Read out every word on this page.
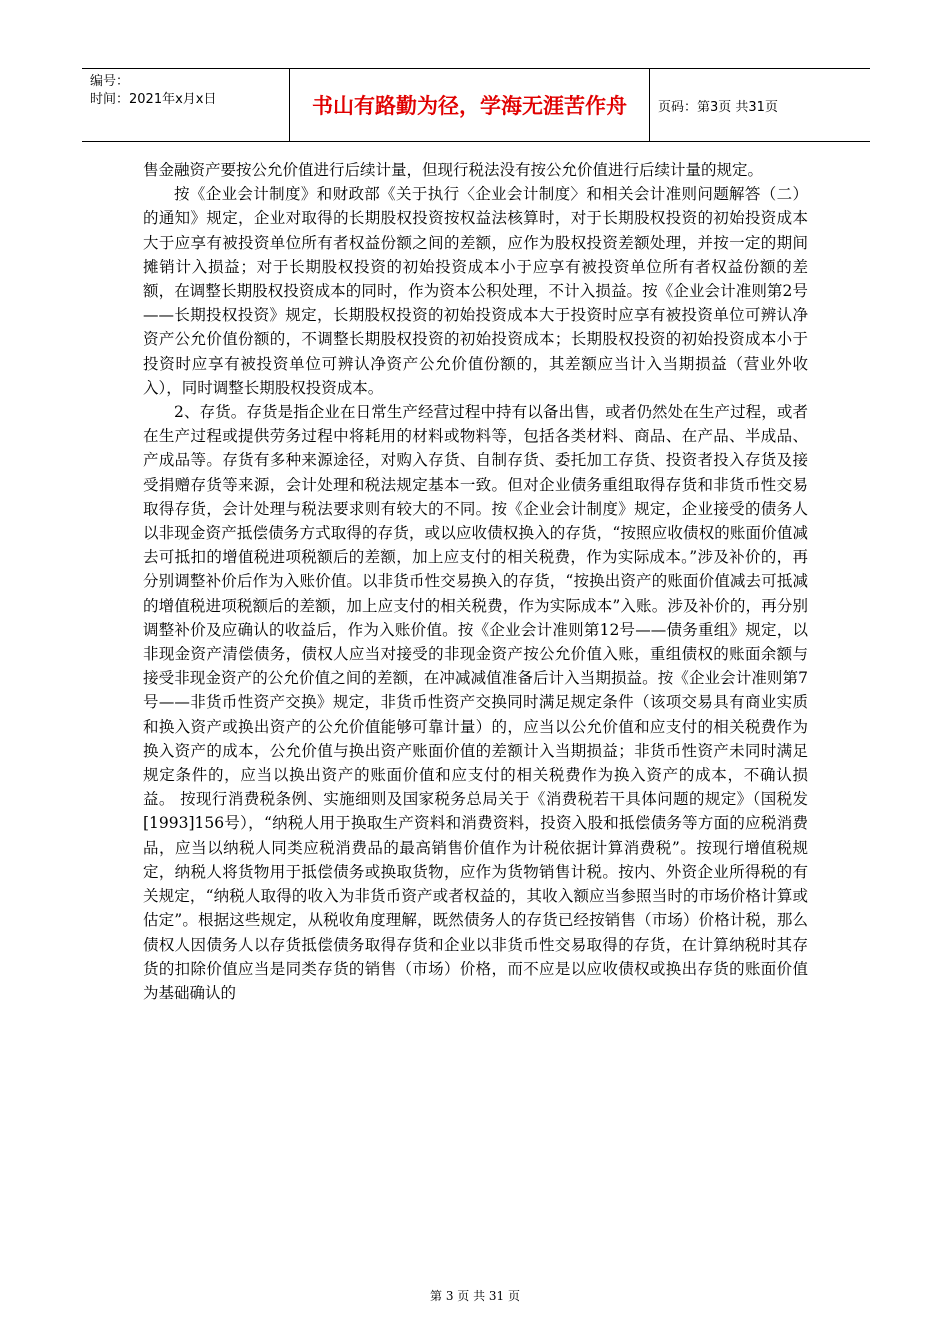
编号：
时间：2021年x月x日	书山有路勤为径，学海无涯苦作舟	页码：第3页 共31页

售金融资产要按公允价值进行后续计量，但现行税法没有按公允价值进行后续计量的规定。

按《企业会计制度》和财政部《关于执行〈企业会计制度〉和相关会计准则问题解答（二）的通知》规定，企业对取得的长期股权投资按权益法核算时，对于长期股权投资的初始投资成本大于应享有被投资单位所有者权益份额之间的差额，应作为股权投资差额处理，并按一定的期间摊销计入损益；对于长期股权投资的初始投资成本小于应享有被投资单位所有者权益份额的差额，在调整长期股权投资成本的同时，作为资本公积处理，不计入损益。按《企业会计准则第2号——长期投权投资》规定，长期股权投资的初始投资成本大于投资时应享有被投资单位可辨认净资产公允价值份额的，不调整长期股权投资的初始投资成本；长期股权投资的初始投资成本小于投资时应享有被投资单位可辨认净资产公允价值份额的，其差额应当计入当期损益（营业外收入），同时调整长期股权投资成本。

2、存货。存货是指企业在日常生产经营过程中持有以备出售，或者仍然处在生产过程，或者在生产过程或提供劳务过程中将耗用的材料或物料等，包括各类材料、商品、在产品、半成品、产成品等。存货有多种来源途径，对购入存货、自制存货、委托加工存货、投资者投入存货及接受捐赠存货等来源，会计处理和税法规定基本一致。但对企业债务重组取得存货和非货币性交易取得存货，会计处理与税法要求则有较大的不同。按《企业会计制度》规定，企业接受的债务人以非现金资产抵偿债务方式取得的存货，或以应收债权换入的存货，“按照应收债权的账面价值减去可抵扣的增值税进项税额后的差额，加上应支付的相关税费，作为实际成本。”涉及补价的，再分别调整补价后作为入账价值。以非货币性交易换入的存货，“按换出资产的账面价值减去可抵减的增值税进项税额后的差额，加上应支付的相关税费，作为实际成本”入账。涉及补价的，再分别调整补价及应确认的收益后，作为入账价值。按《企业会计准则第12号——债务重组》规定，以非现金资产清偿债务，债权人应当对接受的非现金资产按公允价值入账，重组债权的账面余额与接受非现金资产的公允价值之间的差额，在冲减减值准备后计入当期损益。按《企业会计准则第7号——非货币性资产交换》规定，非货币性资产交换同时满足规定条件（该项交易具有商业实质和换入资产或换出资产的公允价值能够可靠计量）的，应当以公允价值和应支付的相关税费作为换入资产的成本，公允价值与换出资产账面价值的差额计入当期损益；非货币性资产未同时满足规定条件的，应当以换出资产的账面价值和应支付的相关税费作为换入资产的成本，不确认损益。 按现行消费税条例、实施细则及国家税务总局关于《消费税若干具体问题的规定》（国税发[1993]156号），“纳税人用于换取生产资料和消费资料，投资入股和抵偿债务等方面的应税消费品，应当以纳税人同类应税消费品的最高销售价值作为计税依据计算消费税”。按现行增值税规定，纳税人将货物用于抵偿债务或换取货物，应作为货物销售计税。按内、外资企业所得税的有关规定，“纳税人取得的收入为非货币资产或者权益的，其收入额应当参照当时的市场价格计算或估定”。根据这些规定，从税收角度理解，既然债务人的存货已经按销售（市场）价格计税，那么债权人因债务人以存货抵偿债务取得存货和企业以非货币性交易取得的存货，在计算纳税时其存货的扣除价值应当是同类存货的销售（市场）价格，而不应是以应收债权或换出存货的账面价值为基础确认的

第 3 页 共 31 页
